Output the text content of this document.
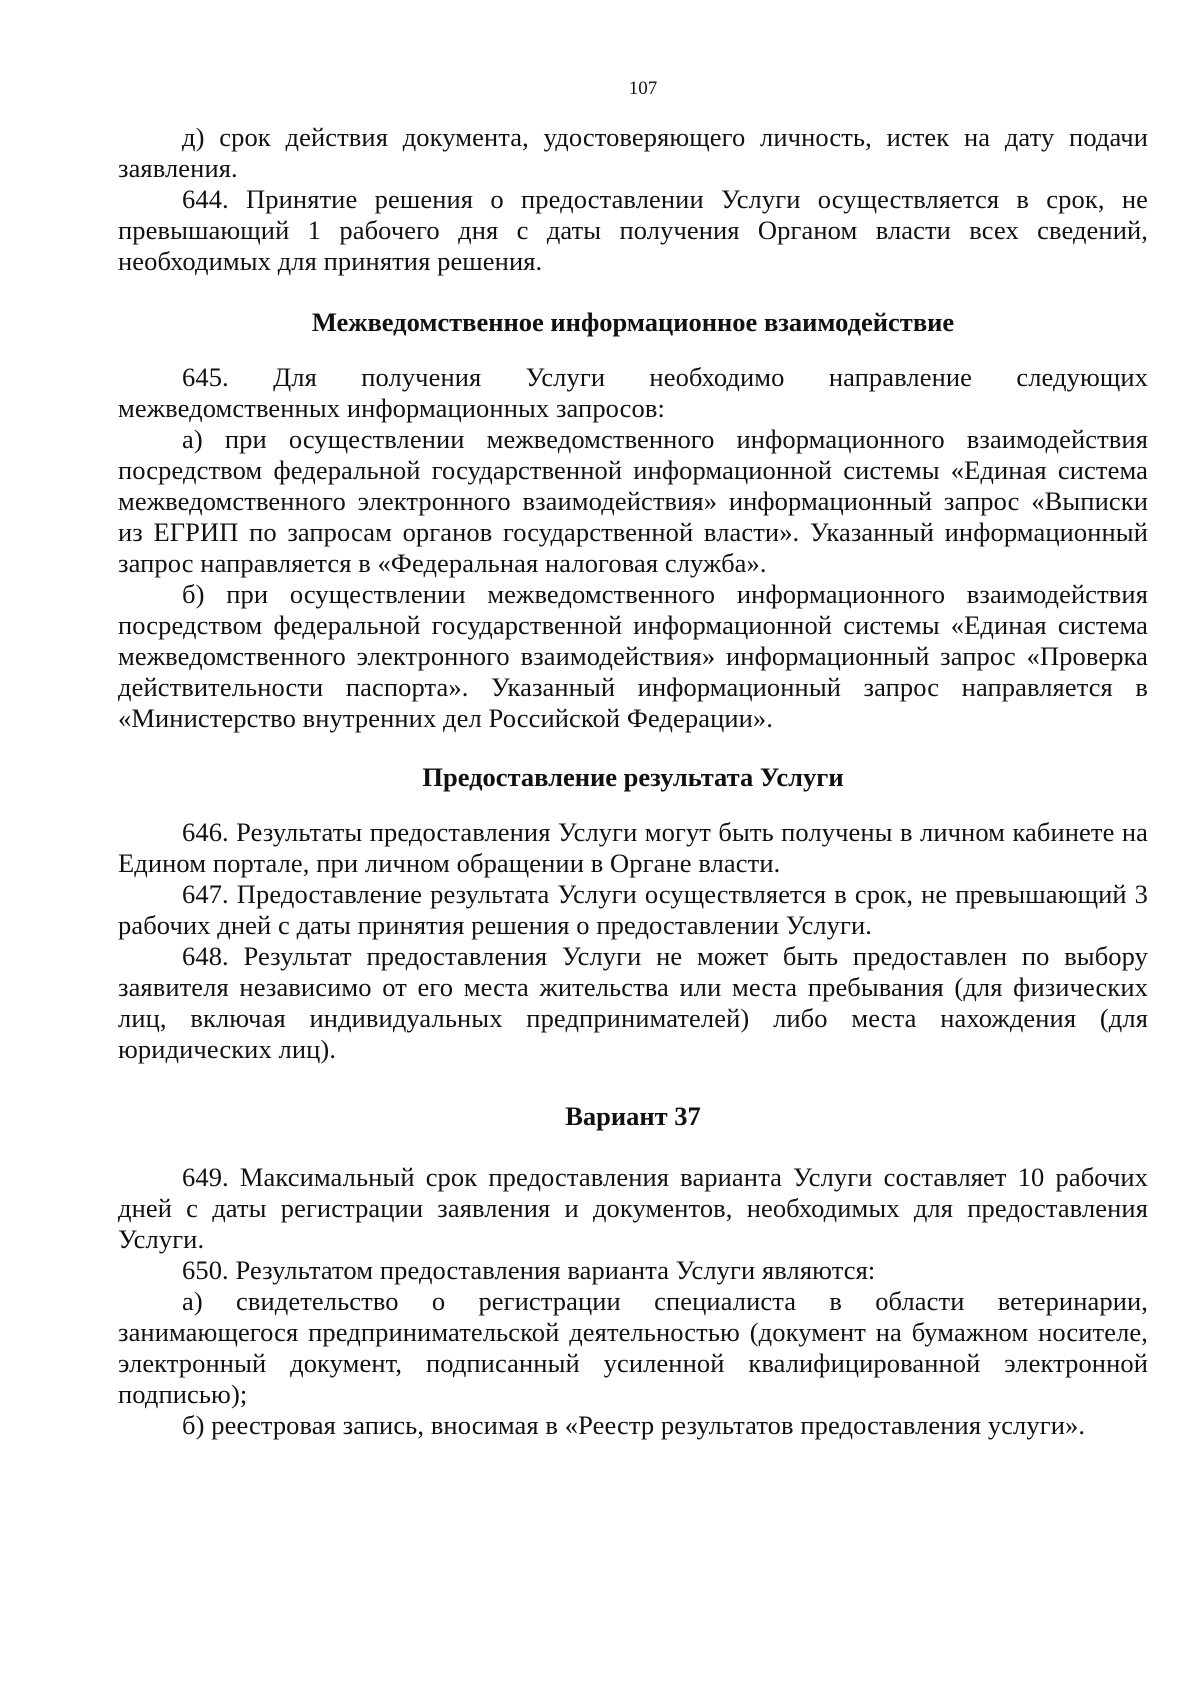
107

д) срок действия документа, удостоверяющего личность, истек на дату подачи заявления.

644. Принятие решения о предоставлении Услуги осуществляется в срок, не превышающий 1 рабочего дня с даты получения Органом власти всех сведений, необходимых для принятия решения.

Межведомственное информационное взаимодействие

645. Для получения Услуги необходимо направление следующих межведомственных информационных запросов:

а) при осуществлении межведомственного информационного взаимодействия посредством федеральной государственной информационной системы «Единая система межведомственного электронного взаимодействия» информационный запрос «Выписки из ЕГРИП по запросам органов государственной власти». Указанный информационный запрос направляется в «Федеральная налоговая служба».

б) при осуществлении межведомственного информационного взаимодействия посредством федеральной государственной информационной системы «Единая система межведомственного электронного взаимодействия» информационный запрос «Проверка действительности паспорта». Указанный информационный запрос направляется в «Министерство внутренних дел Российской Федерации».

Предоставление результата Услуги

646. Результаты предоставления Услуги могут быть получены в личном кабинете на Едином портале, при личном обращении в Органе власти.

647. Предоставление результата Услуги осуществляется в срок, не превышающий 3 рабочих дней с даты принятия решения о предоставлении Услуги.

648. Результат предоставления Услуги не может быть предоставлен по выбору заявителя независимо от его места жительства или места пребывания (для физических лиц, включая индивидуальных предпринимателей) либо места нахождения (для юридических лиц).

Вариант 37

649. Максимальный срок предоставления варианта Услуги составляет 10 рабочих дней с даты регистрации заявления и документов, необходимых для предоставления Услуги.

650. Результатом предоставления варианта Услуги являются:

а) свидетельство о регистрации специалиста в области ветеринарии, занимающегося предпринимательской деятельностью (документ на бумажном носителе, электронный документ, подписанный усиленной квалифицированной электронной подписью);

б) реестровая запись, вносимая в «Реестр результатов предоставления услуги».
